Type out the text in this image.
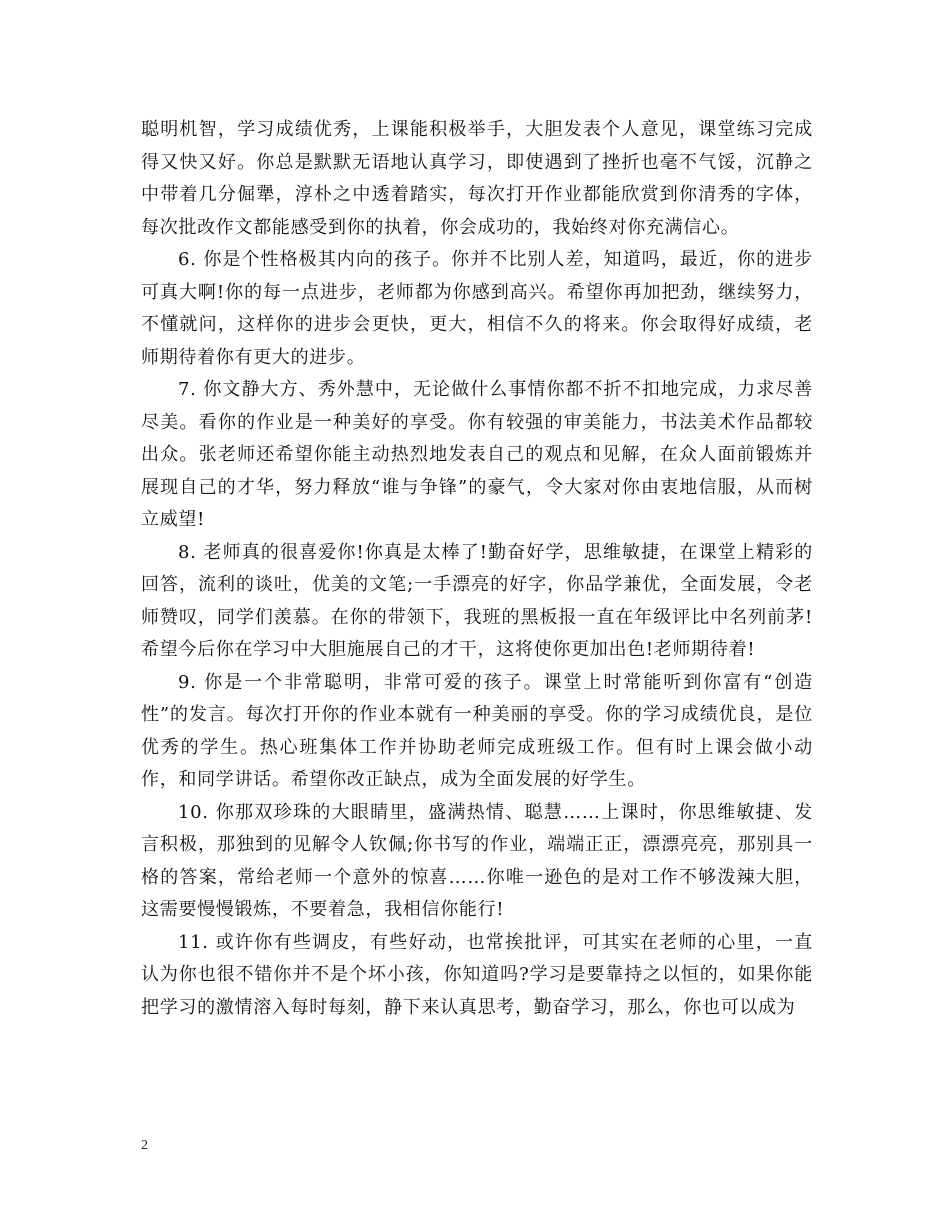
聪明机智，学习成绩优秀，上课能积极举手，大胆发表个人意见，课堂练习完成得又快又好。你总是默默无语地认真学习，即使遇到了挫折也毫不气馁，沉静之中带着几分倔犟，淳朴之中透着踏实，每次打开作业都能欣赏到你清秀的字体，每次批改作文都能感受到你的执着，你会成功的，我始终对你充满信心。

6. 你是个性格极其内向的孩子。你并不比别人差，知道吗，最近，你的进步可真大啊!你的每一点进步，老师都为你感到高兴。希望你再加把劲，继续努力，不懂就问，这样你的进步会更快，更大，相信不久的将来。你会取得好成绩，老师期待着你有更大的进步。

7. 你文静大方、秀外慧中，无论做什么事情你都不折不扣地完成，力求尽善尽美。看你的作业是一种美好的享受。你有较强的审美能力，书法美术作品都较出众。张老师还希望你能主动热烈地发表自己的观点和见解，在众人面前锻炼并展现自己的才华，努力释放“谁与争锋”的豪气，令大家对你由衷地信服，从而树立威望!

8. 老师真的很喜爱你!你真是太棒了!勤奋好学，思维敏捷，在课堂上精彩的回答，流利的谈吐，优美的文笔;一手漂亮的好字，你品学兼优，全面发展，令老师赞叹，同学们羡慕。在你的带领下，我班的黑板报一直在年级评比中名列前茅!希望今后你在学习中大胆施展自己的才干，这将使你更加出色!老师期待着!

9. 你是一个非常聪明，非常可爱的孩子。课堂上时常能听到你富有“创造性”的发言。每次打开你的作业本就有一种美丽的享受。你的学习成绩优良，是位优秀的学生。热心班集体工作并协助老师完成班级工作。但有时上课会做小动作，和同学讲话。希望你改正缺点，成为全面发展的好学生。

10. 你那双珍珠的大眼睛里，盛满热情、聪慧……上课时，你思维敏捷、发言积极，那独到的见解令人钦佩;你书写的作业，端端正正，漂漂亮亮，那别具一格的答案，常给老师一个意外的惊喜……你唯一逊色的是对工作不够泼辣大胆，这需要慢慢锻炼，不要着急，我相信你能行!

11. 或许你有些调皮，有些好动，也常挨批评，可其实在老师的心里，一直认为你也很不错你并不是个坏小孩，你知道吗?学习是要靠持之以恒的，如果你能把学习的激情溶入每时每刻，静下来认真思考，勤奋学习，那么，你也可以成为

2
